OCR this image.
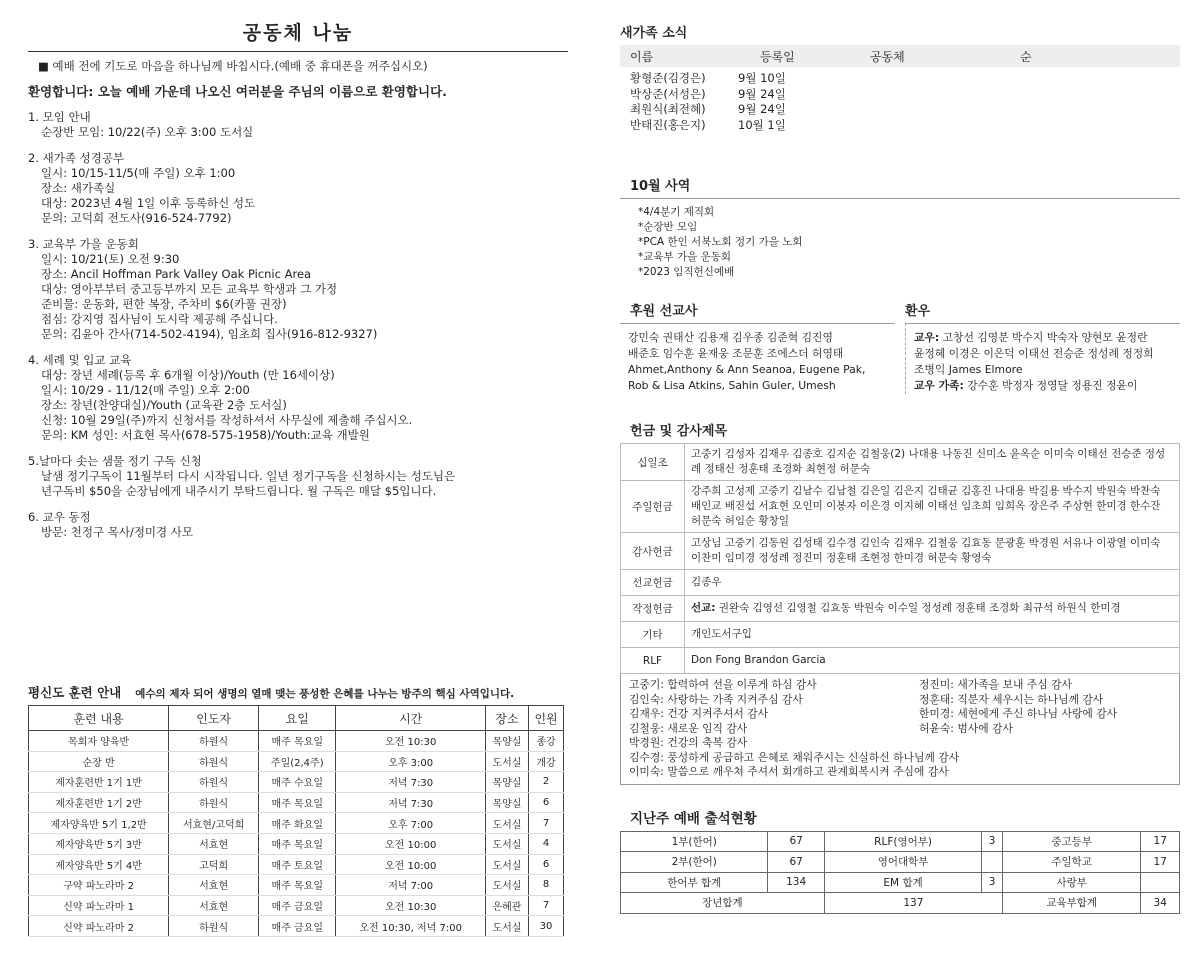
공동체 나눔
■ 예배 전에 기도로 마음을 하나님께 바칩시다.(예배 중 휴대폰을 꺼주십시오)
환영합니다: 오늘 예배 가운데 나오신 여러분을 주님의 이름으로 환영합니다.
1. 모임 안내
순장반 모임: 10/22(주) 오후 3:00 도서실
2. 새가족 성경공부
일시: 10/15-11/5(매 주일) 오후 1:00
장소: 새가족실
대상: 2023년 4월 1일 이후 등록하신 성도
문의: 고덕희 전도사(916-524-7792)
3. 교육부 가을 운동회
일시: 10/21(토) 오전 9:30
장소: Ancil Hoffman Park Valley Oak Picnic Area
대상: 영아부부터 중고등부까지 모든 교육부 학생과 그 가정
준비물: 운동화, 편한 복장, 주차비 $6(카풀 권장)
점심: 강지영 집사님이 도시락 제공해 주십니다.
문의: 김윤아 간사(714-502-4194), 임초희 집사(916-812-9327)
4. 세례 및 입교 교육
대상: 장년 세례(등록 후 6개월 이상)/Youth (만 16세이상)
일시: 10/29 - 11/12(매 주일) 오후 2:00
장소: 장년(찬양대실)/Youth (교육관 2층 도서실)
신청: 10월 29일(주)까지 신청서를 작성하셔서 사무실에 제출해 주십시오.
문의: KM 성인: 서효현 목사(678-575-1958)/Youth:교육 개발원
5.날마다 솟는 샘물 정기 구독 신청
날샘 정기구독이 11월부터 다시 시작됩니다. 일년 정기구독을 신청하시는 성도님은
년구독비 $50을 순장님에게 내주시기 부탁드립니다. 월 구독은 매달 $5입니다.
6. 교우 동정
방문: 천정구 목사/정미경 사모
평신도 훈련 안내 예수의 제자 되어 생명의 열매 맺는 풍성한 은혜를 나누는 방주의 핵심 사역입니다.
훈련 내용	인도자	요일	시간	장소	인원
목회자 양육반	하원식	매주 목요일	오전 10:30	목양실	종강
순장 반	하원식	주일(2,4주)	오후 3:00	도서실	개강
제자훈련반 1기 1반	하원식	매주 수요일	저녁 7:30	목양실	2
제자훈련반 1기 2반	하원식	매주 목요일	저녁 7:30	목양실	6
제자양육반 5기 1,2반	서효현/고덕희	매주 화요일	오후 7:00	도서실	7
제자양육반 5기 3반	서효현	매주 목요일	오전 10:00	도서실	4
제자양육반 5기 4반	고덕희	매주 토요일	오전 10:00	도서실	6
구약 파노라마 2	서효현	매주 목요일	저녁 7:00	도서실	8
신약 파노라마 1	서효현	매주 금요일	오전 10:30	은혜관	7
신약 파노라마 2	하원식	매주 금요일	오전 10:30, 저녁 7:00	도서실	30
새가족 소식
이름	등록일	공동체	순
황형준(김경은)	9월 10일
박상준(서성은)	9월 24일
최원식(최전혜)	9월 24일
반태진(홍은지)	10월 1일
10월 사역
*4/4분기 제직회
*순장반 모임
*PCA 한인 서북노회 정기 가을 노회
*교육부 가을 운동회
*2023 임직헌신예배
후원 선교사
강민숙 권태산 김용재 김우종 김준혁 김진영
배준호 임수훈 윤재웅 조문훈 조에스더 허영태
Ahmet,Anthony & Ann Seanoa, Eugene Pak,
Rob & Lisa Atkins, Sahin Guler, Umesh
환우
교우: 고창선 김영분 박수지 박숙자 양현모 윤정란
윤정혜 이경은 이은덕 이태선 전승준 정성례 정정희
조병익 James Elmore
교우 가족: 강수훈 박정자 정영달 정용진 정윤이
헌금 및 감사제목
십일조	고중기 김성자 김재우 김종호 김지순 김철웅(2) 나대용 나동진 신미소 윤옥순 이미숙 이태선 전승준 정성례 정태신 정훈태 조경화 최현정 허문숙
주일헌금	강주희 고성제 고중기 김남수 김남철 김은일 김은지 김태균 김홍진 나대용 박길용 박수지 박원숙 박찬숙 배인교 배진섭 서효현 오인미 이봉자 이은경 이지혜 이태선 임초희 임희옥 장은주 주상현 한미경 한수잔 허문숙 허임순 황창일
감사헌금	고상님 고중기 김동원 김성태 김수경 김인숙 김재우 김철웅 김효동 문광훈 박경원 서유나 이광열 이미숙 이찬미 임미경 정성례 정진미 정훈태 조현정 한미경 허문숙 황영숙
선교헌금	김종우
작정헌금	선교: 권완숙 김영선 김영철 김효동 박원숙 이수일 정성례 정훈태 조경화 최규석 하원식 한미경
기타	개인도서구입
RLF	Don Fong Brandon Garcia
고중기: 합력하여 선을 이루게 하심 감사
김인숙: 사랑하는 가족 지켜주심 감사
김재우: 건강 지켜주셔서 감사
김철웅: 새로운 임직 감사
박경원: 건강의 축복 감사
김수경: 풍성하게 공급하고 은혜로 채워주시는 신실하신 하나님께 감사
이미숙: 말씀으로 깨우쳐 주셔서 회개하고 관계회복시켜 주심에 감사
정진미: 새가족을 보내 주심 감사
정훈태: 직분자 세우시는 하나님께 감사
한미경: 세현에게 주신 하나님 사랑에 감사
허윤숙: 범사에 감사
지난주 예배 출석현황
1부(한어)	67	RLF(영어부)	3	중고등부	17
2부(한어)	67	영어대학부		주일학교	17
한어부 합계	134	EM 합계	3	사랑부	
장년합계		137		교육부합계	34
